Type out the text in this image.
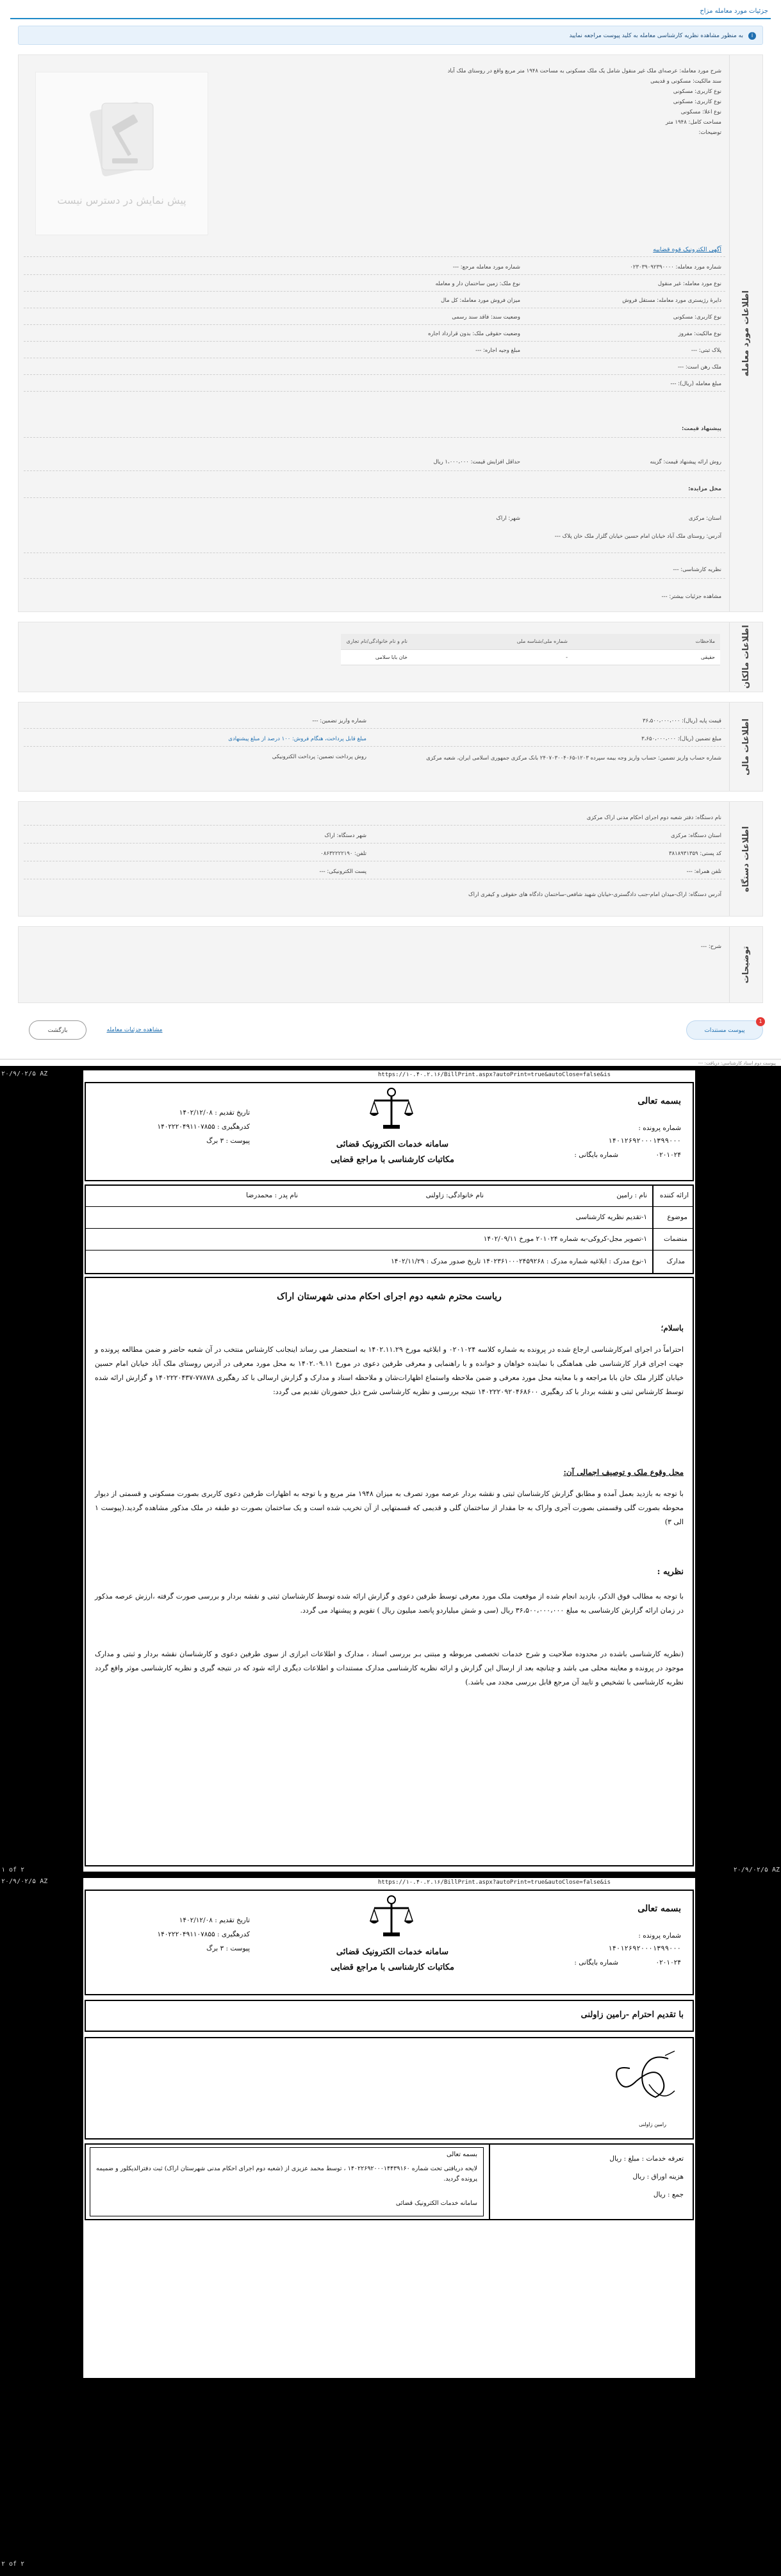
جزئیات مورد معامله مزاح
i
به منظور مشاهده نظریه کارشناسی معامله به کلید پیوست مراجعه نمایید
اطلاعات مورد معامله
شرح مورد معامله: عرصه‌ای ملک غیر منقول شامل یک ملک مسکونی به مساحت ۱۹۴۸ متر مربع واقع در روستای ملک آباد
سند مالکیت: مسکونی و قدیمی
نوع کاربری: مسکونی
نوع کاربری: مسکونی
نوع اعلا: مسکونی
مساحت کامل: ۱۹۴۸ متر
توضیحات:
پیش نمایش در دسترس نیست
آگهی الکترونیک قوه قضاییه
شماره مورد معامله: ۰۲۳۰۳۹۰۹۲۳۹۰۰۰۰
شماره مورد معامله مرجع: ---
نوع مورد معامله: غیر منقول
نوع ملک: زمین ساختمان دار و معامله
دایرۀ رژیستری مورد معامله: مستقل فروش
میزان فروش مورد معامله: کل مال
نوع کاربری: مسکونی
وضعیت سند: فاقد سند رسمی
نوع مالکیت: مفروز
وضعیت حقوقی ملک: بدون قرارداد اجاره
پلاک ثبتی: ---
مبلغ وجیه اجاره: ---
ملک رهن است: ---
مبلغ معامله (ریال): ---
پیشنهاد قیمت:
روش ارائه پیشنهاد قیمت: گزینه
حداقل افزایش قیمت: ۱،۰۰۰،۰۰۰ ریال
محل مزایده:
استان: مرکزی
شهر: اراک
آدرس: روستای ملک آباد خیابان امام حسین خیابان گلزار ملک خان پلاک ---
نظریه کارشناسی: ---
مشاهده جزئیات بیشتر: ---
اطلاعات مالکان
ملاحظات	شماره ملی/شناسه ملی	نام و نام خانوادگی/نام تجاری
حقیقی	-	خان بابا سلامی
اطلاعات مالی
قیمت پایه (ریال): ۳۶،۵۰۰،۰۰۰،۰۰۰
شماره واریز تضمین: ---
مبلغ تضمین (ریال): ۳،۶۵۰،۰۰۰،۰۰۰
مبلغ قابل پرداخت، هنگام فروش: ۱۰۰ درصد از مبلغ پیشنهادی
شماره حساب واریز تضمین: حساب واریز وجه بیمه سپرده ۱۲۰۳-۲۴۰۷۰۳۰۰۴۰۶۵ بانک مرکزی جمهوری اسلامی ایران، شعبه مرکزی
روش پرداخت تضمین: پرداخت الکترونیکی
اطلاعات دستگاه
نام دستگاه: دفتر شعبه دوم اجرای احکام مدنی اراک مرکزی
استان دستگاه: مرکزی
شهر دستگاه: اراک
کد پستی: ۳۸۱۸۹۳۱۳۵۹
تلفن: ۰۸۶۳۲۲۲۲۱۹۰
تلفن همراه: ---
پست الکترونیکی: ---
آدرس دستگاه: اراک-میدان امام-جنب دادگستری-خیابان شهید شافعی-ساختمان دادگاه های حقوقی و کیفری اراک
توضیحات
شرح: ---
پیوست مستندات
1
مشاهده جزئیات معامله
بازگشت
پیوست دوم اسناد کارشناسی: دریافت: ---
https://۱۰.۴۰.۲.۱۶/BillPrint.aspx?autoPrint=true&autoClose=false&is
بسمه تعالی
شماره پرونده :
۱۴۰۱۲۶۹۲۰۰۰۱۳۹۹۰۰۰
شماره بایگانی :	۰۲۰۱۰۲۴
سامانه خدمات الکترونیک قضائی
مکاتبات کارشناسی با مراجع قضایی
تاریخ تقدیم : ۱۴۰۲/۱۲/۰۸
کدرهگیری : ۱۴۰۲۲۲۰۴۹۱۱۰۷۸۵۵
پیوست : ۳ برگ
ارائه کننده
نام : رامین
نام خانوادگی: زاولنی
نام پدر : محمدرضا
موضوع
۱-تقدیم نظریه کارشناسی
منضمات
۱-تصویر مجل-کروکی-به شماره ۲۰۱۰۲۴ مورخ ۱۴۰۲/۰۹/۱۱
مدارک
۱-نوع مدرک : ابلاغیه شماره مدرک : ۱۴۰۲۳۶۱۰۰۰۲۴۵۹۲۶۸ تاریخ صدور مدرک : ۱۴۰۲/۱۱/۲۹
ریاست محترم شعبه دوم اجرای احکام مدنی شهرستان اراک
باسلام؛
احتراماً در اجرای امرکارشناسی ارجاع شده در پرونده به شماره کلاسه ۰۲۰۱۰۲۴ و ابلاغیه مورخ ۱۴۰۲.۱۱.۲۹ به استحضار می رساند اینجانب کارشناس منتخب در آن شعبه حاضر و ضمن مطالعه پرونده و جهت اجرای قرار کارشناسی طی هماهنگی با نماینده خواهان و خوانده و با راهنمایی و معرفی طرفین دعوی در مورخ ۱۴۰۲.۰۹.۱۱ به محل مورد معرفی در آدرس روستای ملک آباد خیابان امام حسین خیابان گلزار ملک خان بابا مراجعه و با معاینه محل مورد معرفی و ضمن ملاحظه واستماع اظهارات‌شان و ملاحظه اسناد و مدارک و گزارش ارسالی با کد رهگیری ۷۷۸۷۸-۱۴۰۲۲۲۰۴۳۷ و گزارش ارائه شده توسط کارشناس ثبتی و نقشه بردار با کد رهگیری ۱۴۰۲۲۲۰۹۲۰۴۶۸۶۰۰ نتیجه بررسی و نظریه کارشناسی شرح ذیل حضورتان تقدیم می گردد:
محل وقوع ملک و توصیف اجمالی آن:
با توجه به بازدید بعمل آمده و مطابق گزارش کارشناسان ثبتی و نقشه بردار عرصه مورد تصرف به میزان ۱۹۴۸ متر مربع و با توجه به اظهارات طرفین دعوی کاربری بصورت مسکونی و قسمتی از دیوار محوطه بصورت گلی وقسمتی بصورت آجری واراک به جا مقدار از ساختمان گلی و قدیمی که قسمتهایی از آن تخریب شده است و یک ساختمان بصورت دو طبقه در ملک مذکور مشاهده گردید.(پیوست ۱ الی ۳)
نظریه :
با توجه به مطالب فوق الذکر، بازدید انجام شده از موقعیت ملک مورد معرفی توسط طرفین دعوی و گزارش ارائه شده توسط کارشناسان ثبتی و نقشه بردار و بررسی صورت گرفته ،ارزش عرصه مذکور در زمان ارائه گزارش کارشناسی به مبلغ ۳۶،۵۰۰،۰۰۰،۰۰۰ ریال (سی و شش میلیاردو پانصد میلیون ریال ) تقویم و پیشنهاد می گردد.
(نظریه کارشناسی باشده در محدوده صلاحیت و شرح خدمات تخصصی مربوطه و مبتنی بـر بررسی اسناد ، مدارک و اطلاعات ابرازی از سوی طرفین دعوی و کارشناسان نقشه بردار و ثبتی و مدارک موجود در پرونده و معاینه محلی می باشد و چنانچه بعد از ارسال این گزارش و ارائه نظریه کارشناسی مدارک مستندات و اطلاعات دیگری ارائه شود که در نتیجه گیری و نظریه کارشناسی موثر واقع گردد نظریه کارشناسی با تشخیص و تایید آن مرجع قابل بررسی مجدد می باشد.)
۲۰/۹/۰۲/۵ AZ
۱ of ۲	۲۰/۹/۰۲/۵ AZ
https://۱۰.۴۰.۲.۱۶/BillPrint.aspx?autoPrint=true&autoClose=false&is
بسمه تعالی
شماره پرونده :
۱۴۰۱۲۶۹۲۰۰۰۱۳۹۹۰۰۰
شماره بایگانی :	۰۲۰۱۰۲۴
سامانه خدمات الکترونیک قضائی
مکاتبات کارشناسی با مراجع قضایی
تاریخ تقدیم : ۱۴۰۲/۱۲/۰۸
کدرهگیری : ۱۴۰۲۲۲۰۴۹۱۱۰۷۸۵۵
پیوست : ۳ برگ
با تقدیم احترام -رامین زاولنی
رامین زاولنی
تعرفه خدمات : مبلغ : ریال
هزینه اوراق : ریال
جمع : ریال
بسمه تعالی
لایحه دریافتی تحت شماره ۱۴۰۲۲۶۹۲۰۰۰۱۴۴۳۹۱۶۰ ، توسط محمد عزیزی از (شعبه دوم اجرای احکام مدنی شهرستان اراک) ثبت دفترالدیکلور و ضمیمه پرونده گردید.
سامانه خدمات الکترونیک قضائی
۲۰/۹/۰۲/۵ AZ
۲ of ۲
